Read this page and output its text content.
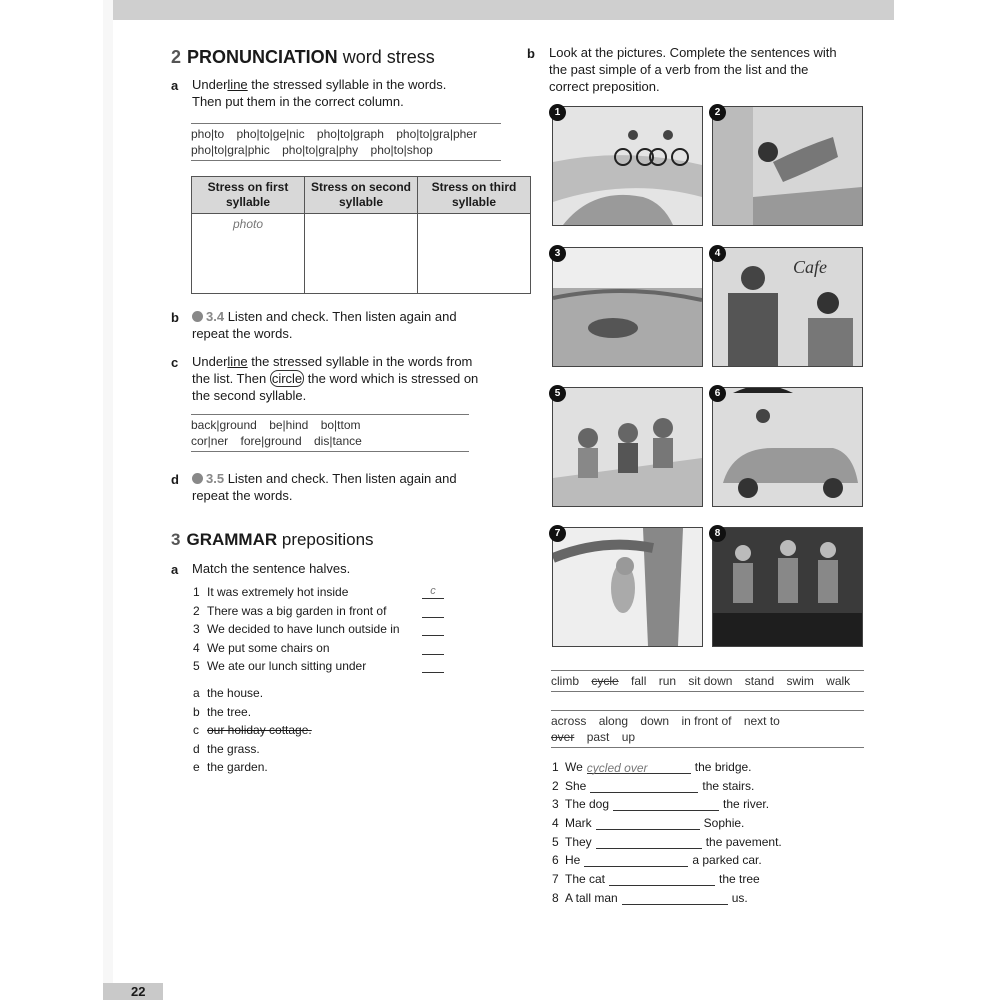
2 PRONUNCIATION word stress
a Underline the stressed syllable in the words.
Then put them in the correct column.
pho|to pho|to|ge|nic pho|to|graph pho|to|gra|pher
pho|to|gra|phic pho|to|gra|phy pho|to|shop
Stress on first syllable	Stress on second syllable	Stress on third syllable
photo		
b	3.4 Listen and check. Then listen again and
repeat the words.
c Underline the stressed syllable in the words from
the list. Then circle the word which is stressed on
the second syllable.
back|ground be|hind bo|ttom
cor|ner fore|ground dis|tance
d	3.5 Listen and check. Then listen again and
repeat the words.
3 GRAMMAR prepositions
a Match the sentence halves.
1 It was extremely hot inside	c
2 There was a big garden in front of
3 We decided to have lunch outside in
4 We put some chairs on
5 We ate our lunch sitting under
a the house.
b the tree.
c our holiday cottage.
d the grass.
e the garden.
b Look at the pictures. Complete the sentences with
the past simple of a verb from the list and the
correct preposition.
1	2
3	4
Cafe
5	6
7	8
climb cycle fall run sit down stand swim walk
across along down in front of next to
over past up
1 We cycled over	the bridge.
2 She	the stairs.
3 The dog	the river.
4 Mark	Sophie.
5 They	the pavement.
6 He	a parked car.
7 The cat	the tree
8 A tall man	us.
22
